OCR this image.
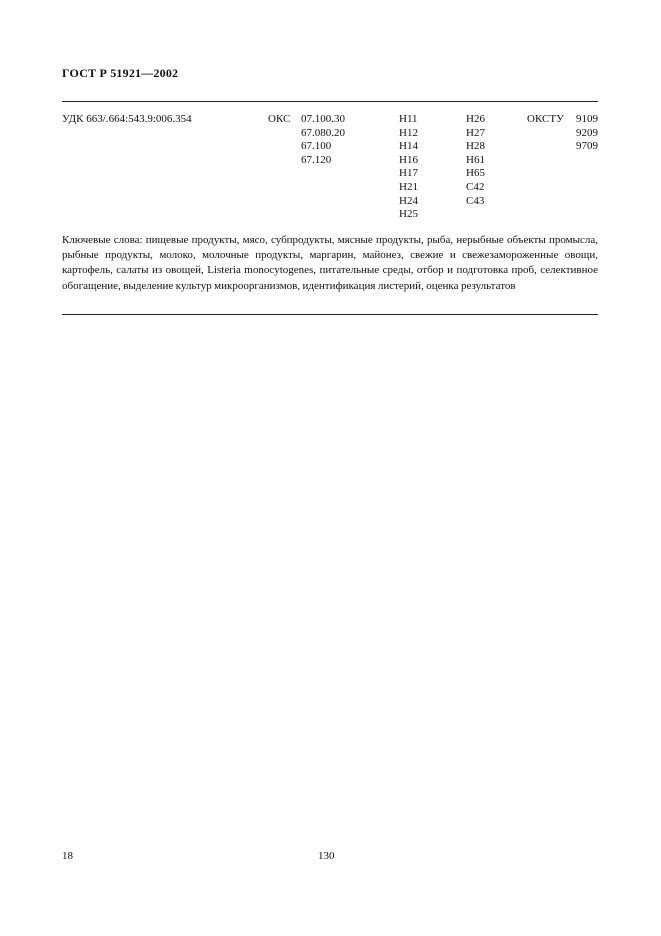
ГОСТ Р 51921—2002
УДК 663/.664:543.9:006.354	ОКС 07.100.30
67.080.20
67.100
67.120
Н11
Н12
Н14
Н16
Н17
Н21
Н24
Н25
Н26
Н27
Н28
Н61
Н65
С42
С43
ОКСТУ 9109
9209
9709
Ключевые слова: пищевые продукты, мясо, субпродукты, мясные продукты, рыба, нерыбные объекты промысла, рыбные продукты, молоко, молочные продукты, маргарин, майонез, свежие и свежезамороженные овощи, картофель, салаты из овощей, Listeria monocytogenes, питательные среды, отбор и подготовка проб, селективное обогащение, выделение культур микроорганизмов, идентификация листерий, оценка результатов
18	130
